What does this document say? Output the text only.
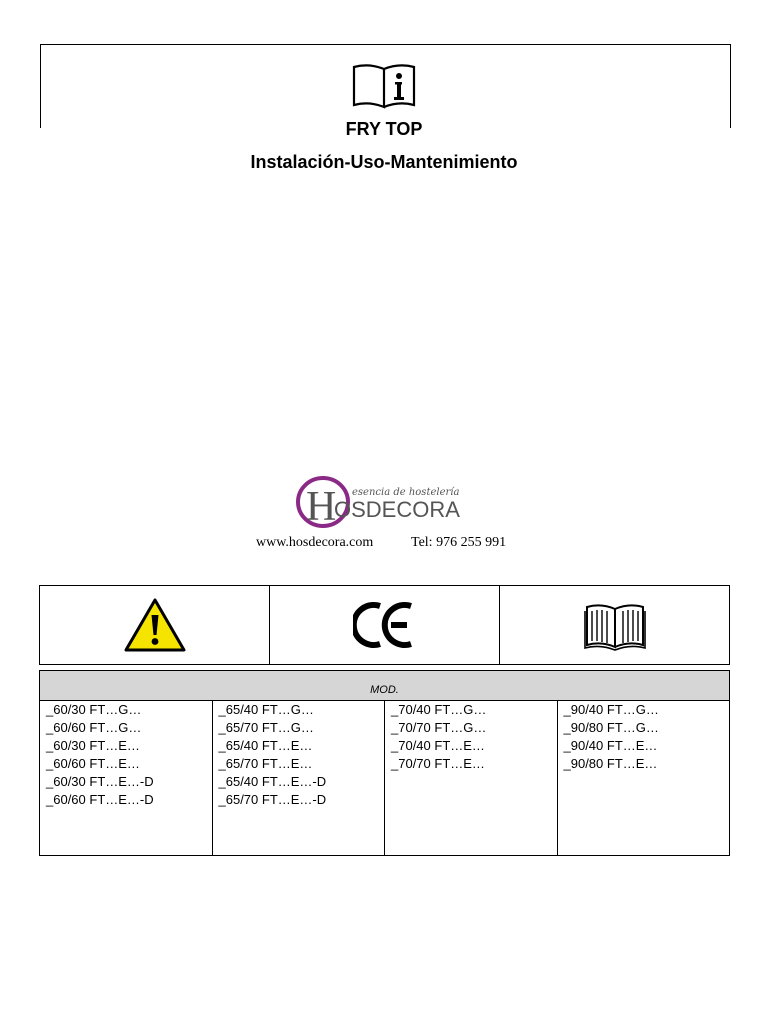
FRY TOP
Instalación-Uso-Mantenimiento
H esencia de hostelería
OSDECORA
www.hosdecora.com	Tel: 976 255 991
MOD.
_60/30 FT…G…
_60/60 FT…G…
_60/30 FT…E…
_60/60 FT…E…
_60/30 FT…E…-D
_60/60 FT…E…-D
_65/40 FT…G…
_65/70 FT…G…
_65/40 FT…E…
_65/70 FT…E…
_65/40 FT…E…-D
_65/70 FT…E…-D
_70/40 FT…G…
_70/70 FT…G…
_70/40 FT…E…
_70/70 FT…E…
_90/40 FT…G…
_90/80 FT…G…
_90/40 FT…E…
_90/80 FT…E…
